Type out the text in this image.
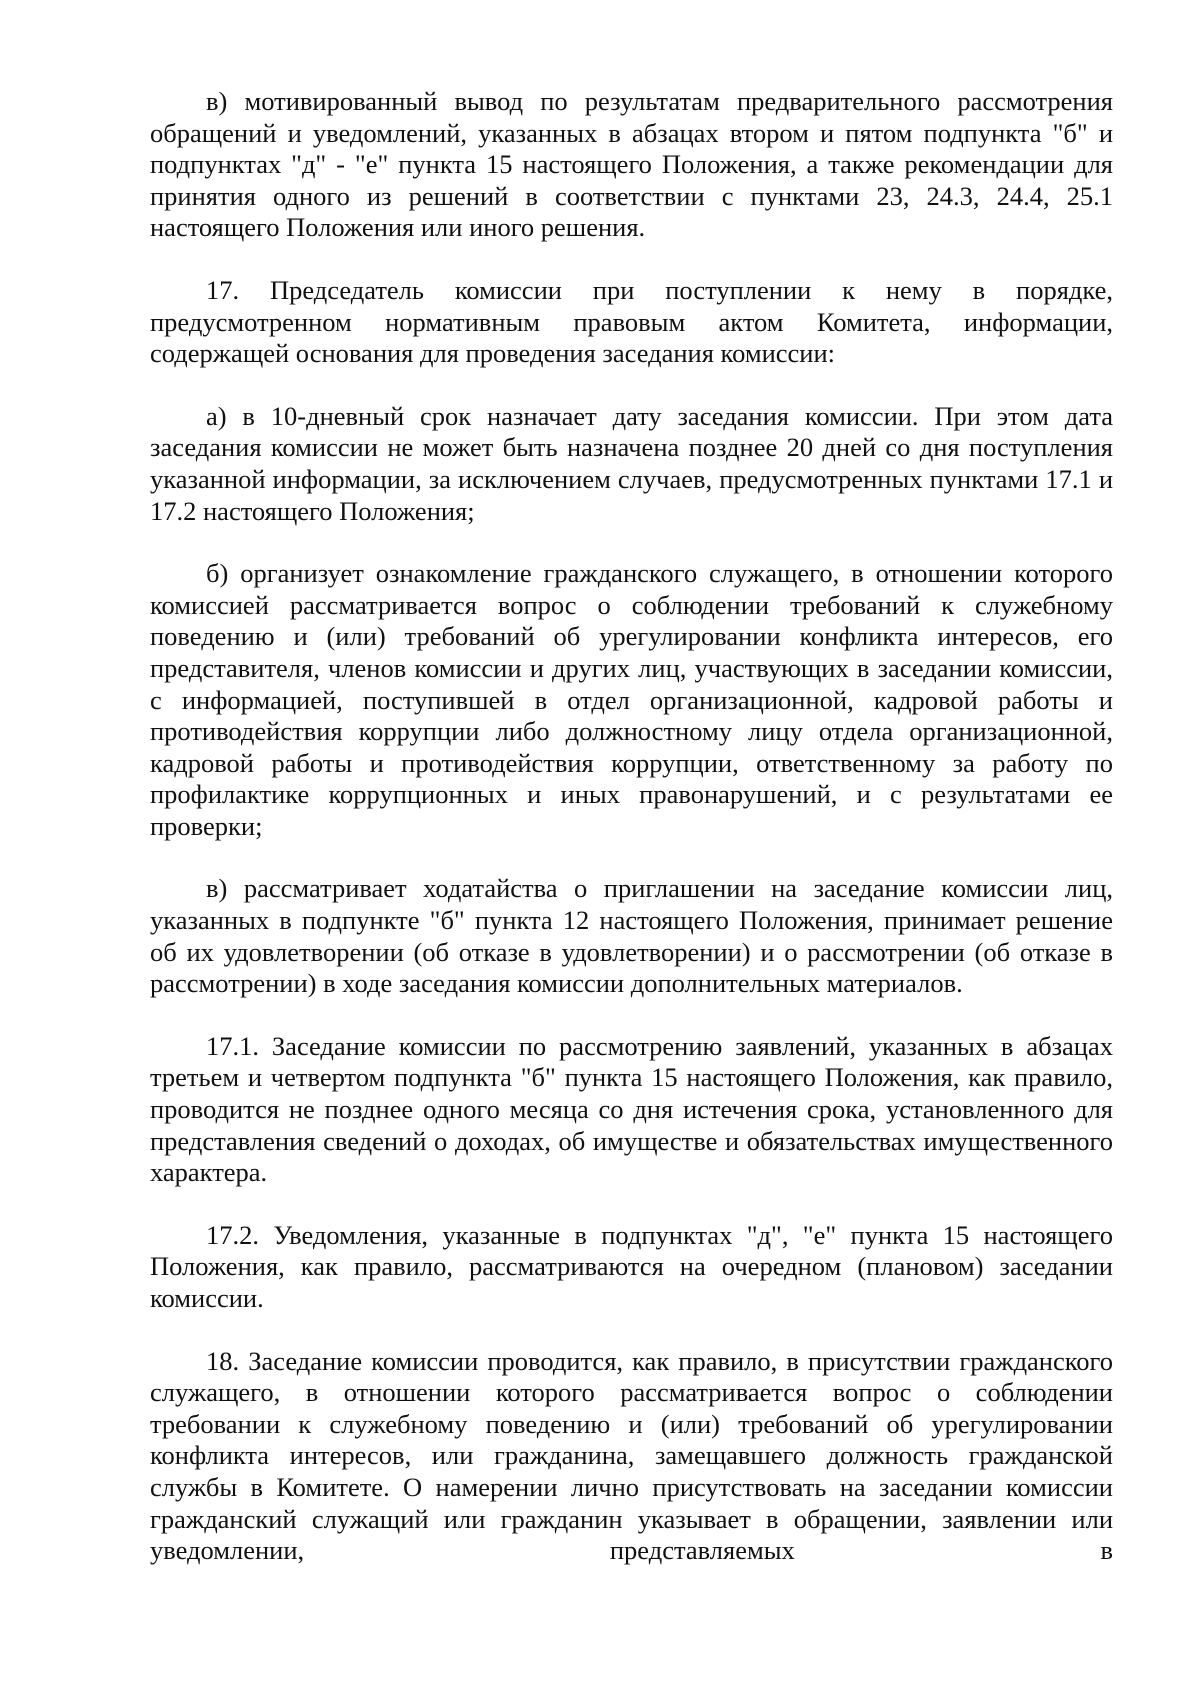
в) мотивированный вывод по результатам предварительного рассмотрения обращений и уведомлений, указанных в абзацах втором и пятом подпункта "б" и подпунктах "д" - "е" пункта 15 настоящего Положения, а также рекомендации для принятия одного из решений в соответствии с пунктами 23, 24.3, 24.4, 25.1 настоящего Положения или иного решения.

17. Председатель комиссии при поступлении к нему в порядке, предусмотренном нормативным правовым актом Комитета, информации, содержащей основания для проведения заседания комиссии:

а) в 10-дневный срок назначает дату заседания комиссии. При этом дата заседания комиссии не может быть назначена позднее 20 дней со дня поступления указанной информации, за исключением случаев, предусмотренных пунктами 17.1 и 17.2 настоящего Положения;

б) организует ознакомление гражданского служащего, в отношении которого комиссией рассматривается вопрос о соблюдении требований к служебному поведению и (или) требований об урегулировании конфликта интересов, его представителя, членов комиссии и других лиц, участвующих в заседании комиссии, с информацией, поступившей в отдел организационной, кадровой работы и противодействия коррупции либо должностному лицу отдела организационной, кадровой работы и противодействия коррупции, ответственному за работу по профилактике коррупционных и иных правонарушений, и с результатами ее проверки;

в) рассматривает ходатайства о приглашении на заседание комиссии лиц, указанных в подпункте "б" пункта 12 настоящего Положения, принимает решение об их удовлетворении (об отказе в удовлетворении) и о рассмотрении (об отказе в рассмотрении) в ходе заседания комиссии дополнительных материалов.

17.1. Заседание комиссии по рассмотрению заявлений, указанных в абзацах третьем и четвертом подпункта "б" пункта 15 настоящего Положения, как правило, проводится не позднее одного месяца со дня истечения срока, установленного для представления сведений о доходах, об имуществе и обязательствах имущественного характера.

17.2. Уведомления, указанные в подпунктах "д", "е" пункта 15 настоящего Положения, как правило, рассматриваются на очередном (плановом) заседании комиссии.

18. Заседание комиссии проводится, как правило, в присутствии гражданского служащего, в отношении которого рассматривается вопрос о соблюдении требовании к служебному поведению и (или) требований об урегулировании конфликта интересов, или гражданина, замещавшего должность гражданской службы в Комитете. О намерении лично присутствовать на заседании комиссии гражданский служащий или гражданин указывает в обращении, заявлении или уведомлении, представляемых в
